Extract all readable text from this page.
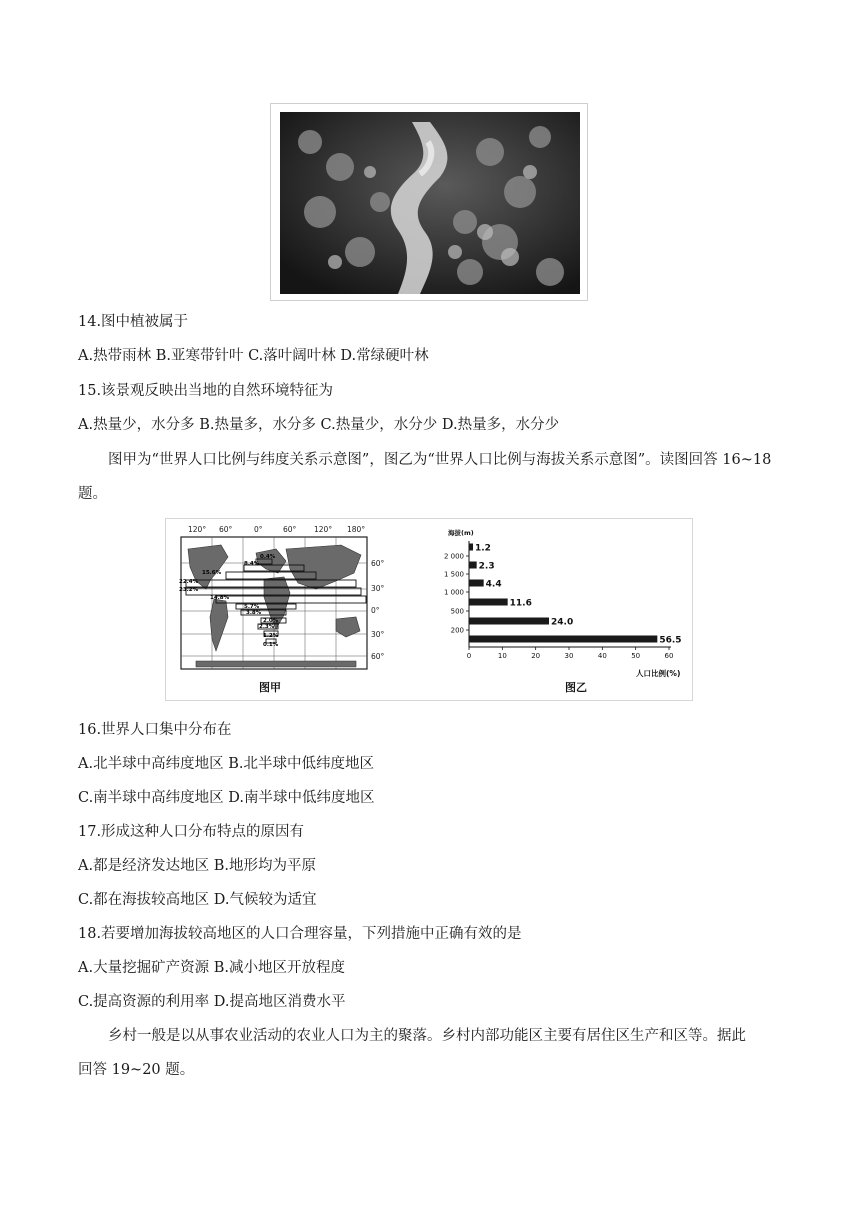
14.图中植被属于
A.热带雨林 B.亚寒带针叶 C.落叶阔叶林 D.常绿硬叶林
15.该景观反映出当地的自然环境特征为
A.热量少，水分多 B.热量多，水分多 C.热量少，水分少 D.热量多，水分少
图甲为“世界人口比例与纬度关系示意图”，图乙为“世界人口比例与海拔关系示意图”。读图回答 16~18
题。
120° 60°	0°	60° 120° 180°
60°
30°
0°
30°
60°
0.4%
8.4%
15.6%
22.4%
23.2%
14.8%
5.7%
3.8%
2.0%
2.3%
1.2%
0.1%
图甲
海拔(m)
1.2
2.3
4.4
11.6
24.0
56.5
2 000
1 500
1 000
500
200
0	10	20	30	40	50	60
人口比例(%)
图乙
16.世界人口集中分布在
A.北半球中高纬度地区 B.北半球中低纬度地区
C.南半球中高纬度地区 D.南半球中低纬度地区
17.形成这种人口分布特点的原因有
A.都是经济发达地区 B.地形均为平原
C.都在海拔较高地区 D.气候较为适宜
18.若要增加海拔较高地区的人口合理容量，下列措施中正确有效的是
A.大量挖掘矿产资源 B.减小地区开放程度
C.提高资源的利用率 D.提高地区消费水平
乡村一般是以从事农业活动的农业人口为主的聚落。乡村内部功能区主要有居住区生产和区等。据此
回答 19~20 题。
